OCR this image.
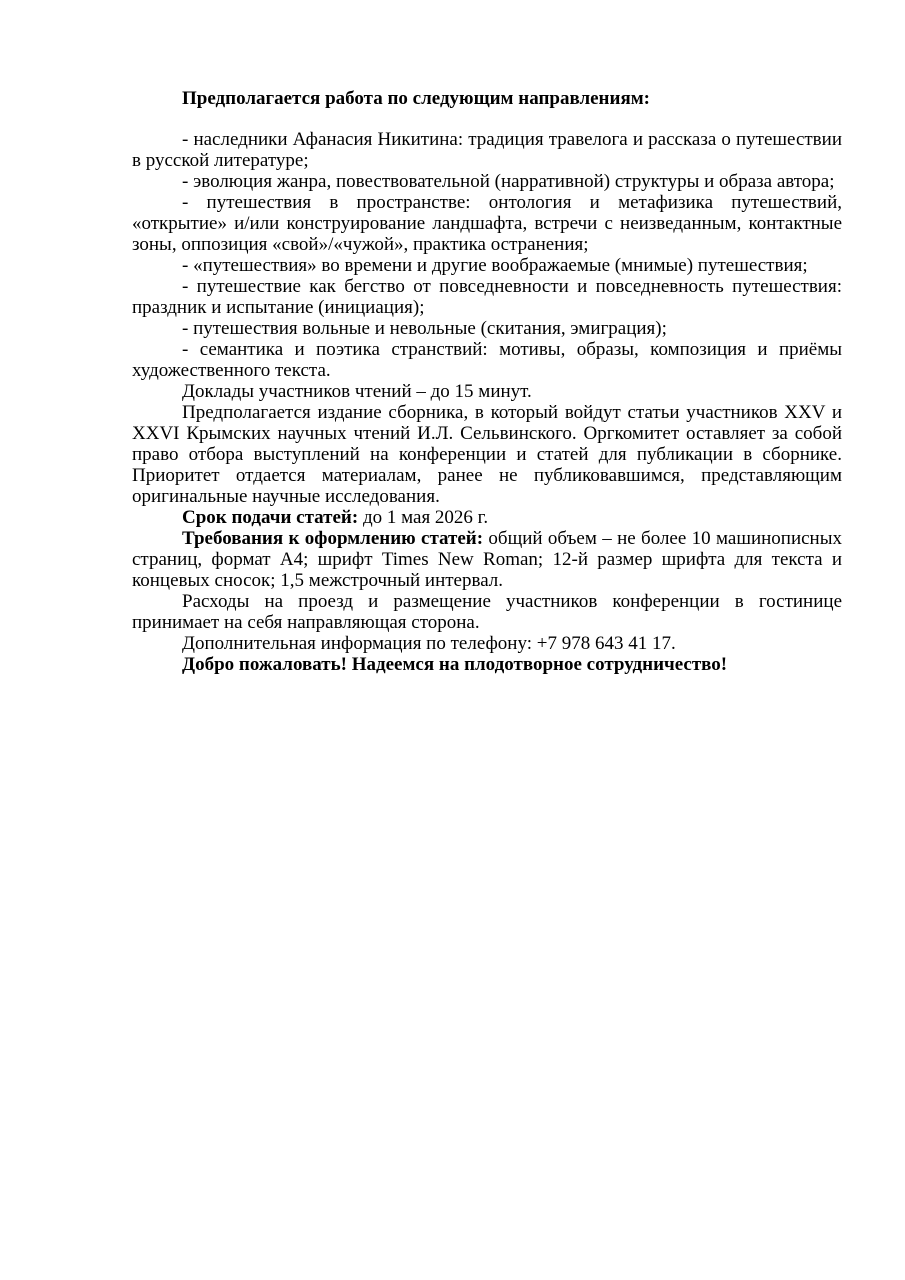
Предполагается работа по следующим направлениям:

- наследники Афанасия Никитина: традиция травелога и рассказа о путешествии в русской литературе;

- эволюция жанра, повествовательной (нарративной) структуры и образа автора;

- путешествия в пространстве: онтология и метафизика путешествий, «открытие» и/или конструирование ландшафта, встречи с неизведанным, контактные зоны, оппозиция «свой»/«чужой», практика остранения;

- «путешествия» во времени и другие воображаемые (мнимые) путешествия;

- путешествие как бегство от повседневности и повседневность путешествия: праздник и испытание (инициация);

- путешествия вольные и невольные (скитания, эмиграция);

- семантика и поэтика странствий: мотивы, образы, композиция и приёмы художественного текста.

Доклады участников чтений – до 15 минут.

Предполагается издание сборника, в который войдут статьи участников XXV и XXVI Крымских научных чтений И.Л. Сельвинского. Оргкомитет оставляет за собой право отбора выступлений на конференции и статей для публикации в сборнике. Приоритет отдается материалам, ранее не публиковавшимся, представляющим оригинальные научные исследования.

Срок подачи статей: до 1 мая 2026 г.

Требования к оформлению статей: общий объем – не более 10 машинописных страниц, формат А4; шрифт Times New Roman; 12-й размер шрифта для текста и концевых сносок; 1,5 межстрочный интервал.

Расходы на проезд и размещение участников конференции в гостинице принимает на себя направляющая сторона.

Дополнительная информация по телефону: +7 978 643 41 17.

Добро пожаловать! Надеемся на плодотворное сотрудничество!
